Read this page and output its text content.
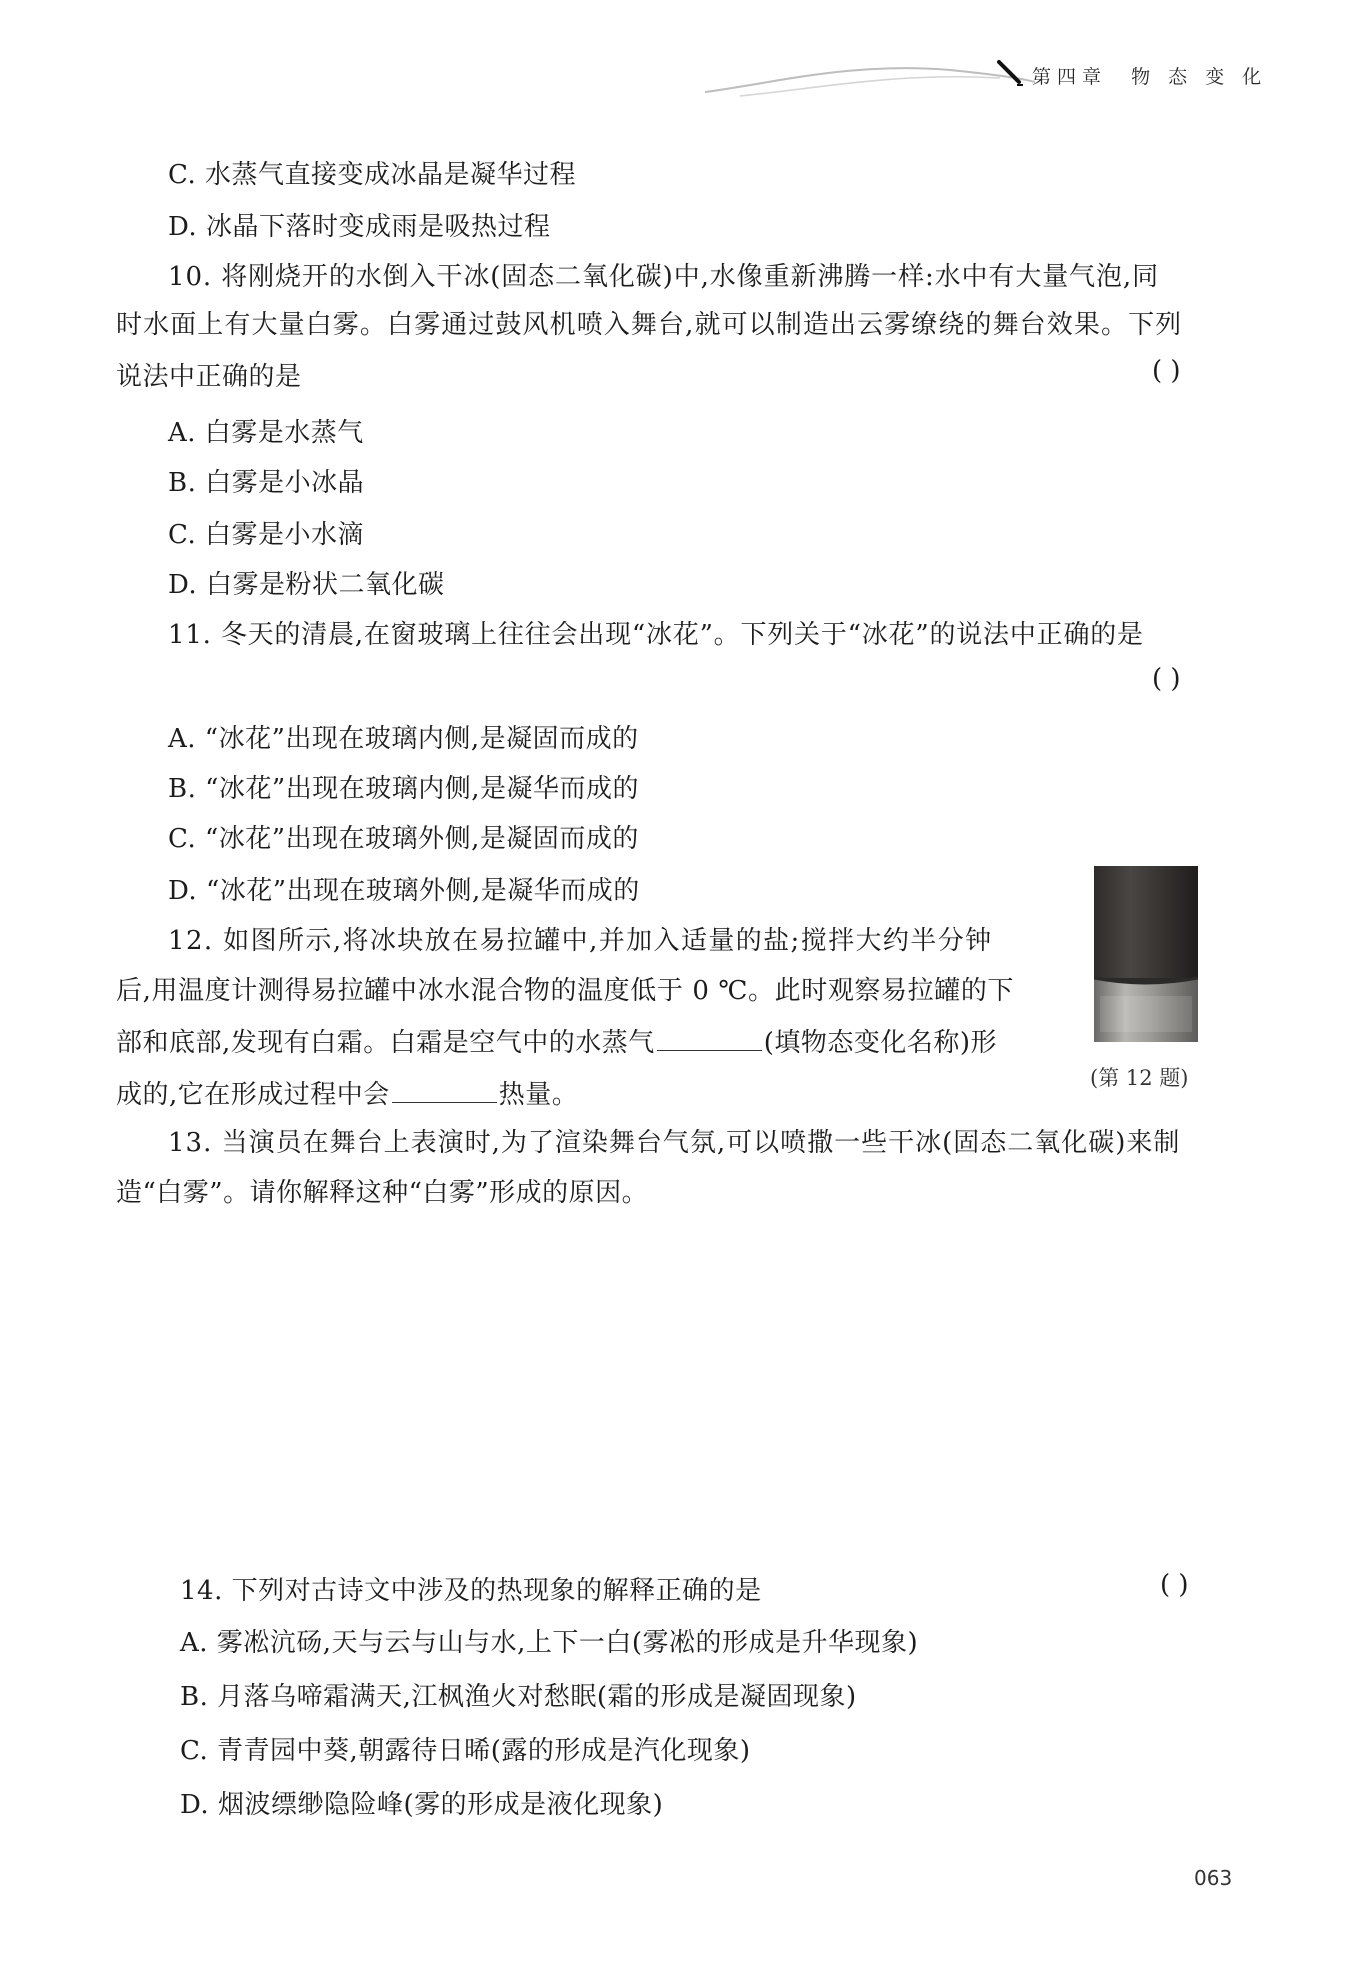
第四章 物 态 变 化
C. 水蒸气直接变成冰晶是凝华过程
D. 冰晶下落时变成雨是吸热过程
10. 将刚烧开的水倒入干冰(固态二氧化碳)中,水像重新沸腾一样:水中有大量气泡,同
时水面上有大量白雾。白雾通过鼓风机喷入舞台,就可以制造出云雾缭绕的舞台效果。下列
说法中正确的是	( )
A. 白雾是水蒸气
B. 白雾是小冰晶
C. 白雾是小水滴
D. 白雾是粉状二氧化碳
11. 冬天的清晨,在窗玻璃上往往会出现“冰花”。下列关于“冰花”的说法中正确的是
( )
A. “冰花”出现在玻璃内侧,是凝固而成的
B. “冰花”出现在玻璃内侧,是凝华而成的
C. “冰花”出现在玻璃外侧,是凝固而成的
D. “冰花”出现在玻璃外侧,是凝华而成的
(第 12 题)
12. 如图所示,将冰块放在易拉罐中,并加入适量的盐;搅拌大约半分钟
后,用温度计测得易拉罐中冰水混合物的温度低于 0 ℃。此时观察易拉罐的下
部和底部,发现有白霜。白霜是空气中的水蒸气	(填物态变化名称)形
成的,它在形成过程中会	热量。
13. 当演员在舞台上表演时,为了渲染舞台气氛,可以喷撒一些干冰(固态二氧化碳)来制
造“白雾”。请你解释这种“白雾”形成的原因。
14. 下列对古诗文中涉及的热现象的解释正确的是	( )
A. 雾凇沆砀,天与云与山与水,上下一白(雾凇的形成是升华现象)
B. 月落乌啼霜满天,江枫渔火对愁眠(霜的形成是凝固现象)
C. 青青园中葵,朝露待日晞(露的形成是汽化现象)
D. 烟波缥缈隐险峰(雾的形成是液化现象)
063
